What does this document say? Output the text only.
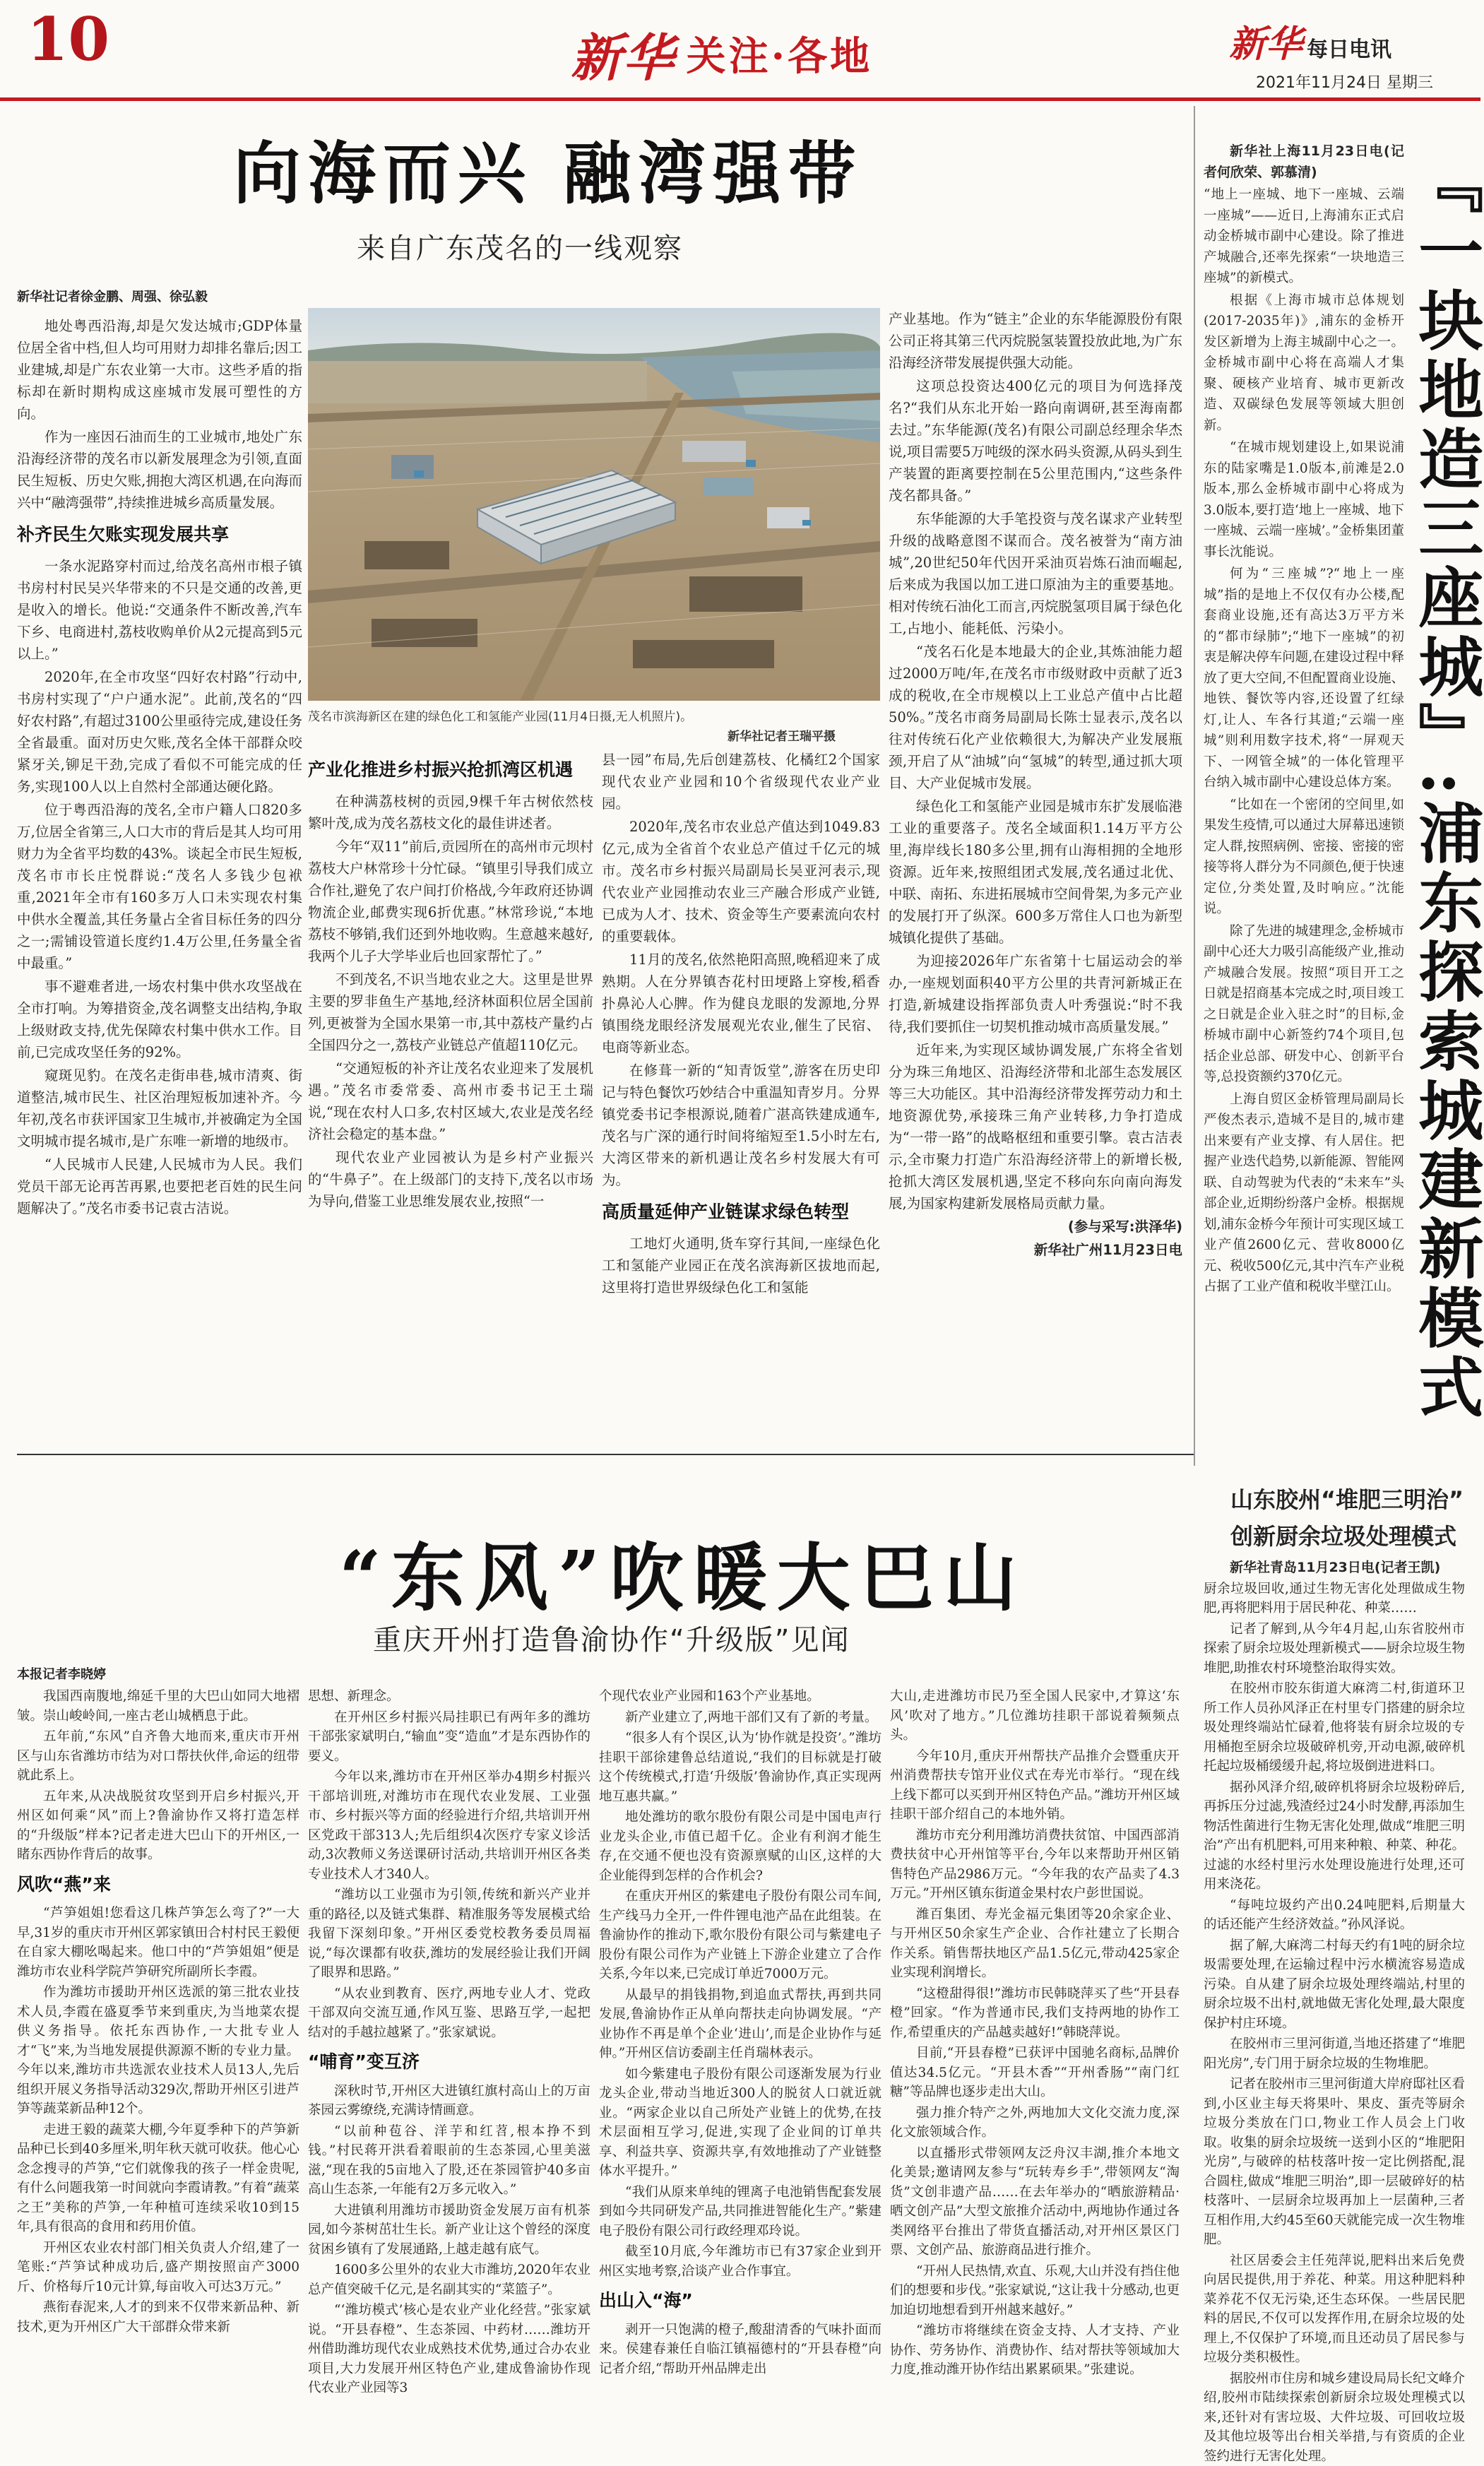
10	新华 关注·各地	新华 每日电讯
2021年11月24日 星期三
向海而兴 融湾强带
来自广东茂名的一线观察
新华社记者徐金鹏、周强、徐弘毅

地处粤西沿海,却是欠发达城市;GDP体量位居全省中档,但人均可用财力却排名靠后;因工业建城,却是广东农业第一大市。这些矛盾的指标却在新时期构成这座城市发展可塑性的方向。

作为一座因石油而生的工业城市,地处广东沿海经济带的茂名市以新发展理念为引领,直面民生短板、历史欠账,拥抱大湾区机遇,在向海而兴中“融湾强带”,持续推进城乡高质量发展。

补齐民生欠账实现发展共享

一条水泥路穿村而过,给茂名高州市根子镇书房村村民吴兴华带来的不只是交通的改善,更是收入的增长。他说:“交通条件不断改善,汽车下乡、电商进村,荔枝收购单价从2元提高到5元以上。”

2020年,在全市攻坚“四好农村路”行动中,书房村实现了“户户通水泥”。此前,茂名的“四好农村路”,有超过3100公里亟待完成,建设任务全省最重。面对历史欠账,茂名全体干部群众咬紧牙关,铆足干劲,完成了看似不可能完成的任务,实现100人以上自然村全部通达硬化路。

位于粤西沿海的茂名,全市户籍人口820多万,位居全省第三,人口大市的背后是其人均可用财力为全省平均数的43%。谈起全市民生短板,茂名市市长庄悦群说:“茂名人多钱少包袱重,2021年全市有160多万人口未实现农村集中供水全覆盖,其任务量占全省目标任务的四分之一;需铺设管道长度约1.4万公里,任务量全省中最重。”

事不避难者进,一场农村集中供水攻坚战在全市打响。为筹措资金,茂名调整支出结构,争取上级财政支持,优先保障农村集中供水工作。目前,已完成攻坚任务的92%。

窥斑见豹。在茂名走街串巷,城市清爽、街道整洁,城市民生、社区治理短板加速补齐。今年初,茂名市获评国家卫生城市,并被确定为全国文明城市提名城市,是广东唯一新增的地级市。

“人民城市人民建,人民城市为人民。我们党员干部无论再苦再累,也要把老百姓的民生问题解决了。”茂名市委书记袁古洁说。

茂名市滨海新区在建的绿色化工和氢能产业园(11月4日摄,无人机照片)。
新华社记者王瑞平摄

产业化推进乡村振兴抢抓湾区机遇

在种满荔枝树的贡园,9棵千年古树依然枝繁叶茂,成为茂名荔枝文化的最佳讲述者。

今年“双11”前后,贡园所在的高州市元坝村荔枝大户林常珍十分忙碌。“镇里引导我们成立合作社,避免了农户间打价格战,今年政府还协调物流企业,邮费实现6折优惠。”林常珍说,“本地荔枝不够销,我们还到外地收购。生意越来越好,我两个儿子大学毕业后也回家帮忙了。”

不到茂名,不识当地农业之大。这里是世界主要的罗非鱼生产基地,经济林面积位居全国前列,更被誉为全国水果第一市,其中荔枝产量约占全国四分之一,荔枝产业链总产值超110亿元。

“交通短板的补齐让茂名农业迎来了发展机遇。”茂名市委常委、高州市委书记王土瑞说,“现在农村人口多,农村区域大,农业是茂名经济社会稳定的基本盘。”

现代农业产业园被认为是乡村产业振兴的“牛鼻子”。在上级部门的支持下,茂名以市场为导向,借鉴工业思维发展农业,按照“一

县一园”布局,先后创建荔枝、化橘红2个国家现代农业产业园和10个省级现代农业产业园。

2020年,茂名市农业总产值达到1049.83亿元,成为全省首个农业总产值过千亿元的城市。茂名市乡村振兴局副局长吴亚河表示,现代农业产业园推动农业三产融合形成产业链,已成为人才、技术、资金等生产要素流向农村的重要载体。

11月的茂名,依然艳阳高照,晚稻迎来了成熟期。人在分界镇杏花村田埂路上穿梭,稻香扑鼻沁人心脾。作为健良龙眼的发源地,分界镇围绕龙眼经济发展观光农业,催生了民宿、电商等新业态。

在修葺一新的“知青饭堂”,游客在历史印记与特色餐饮巧妙结合中重温知青岁月。分界镇党委书记李根源说,随着广湛高铁建成通车,茂名与广深的通行时间将缩短至1.5小时左右,大湾区带来的新机遇让茂名乡村发展大有可为。

高质量延伸产业链谋求绿色转型

工地灯火通明,货车穿行其间,一座绿色化工和氢能产业园正在茂名滨海新区拔地而起,这里将打造世界级绿色化工和氢能

产业基地。作为“链主”企业的东华能源股份有限公司正将其第三代丙烷脱氢装置投放此地,为广东沿海经济带发展提供强大动能。

这项总投资达400亿元的项目为何选择茂名?“我们从东北开始一路向南调研,甚至海南都去过。”东华能源(茂名)有限公司副总经理余华杰说,项目需要5万吨级的深水码头资源,从码头到生产装置的距离要控制在5公里范围内,“这些条件茂名都具备。”

东华能源的大手笔投资与茂名谋求产业转型升级的战略意图不谋而合。茂名被誉为“南方油城”,20世纪50年代因开采油页岩炼石油而崛起,后来成为我国以加工进口原油为主的重要基地。相对传统石油化工而言,丙烷脱氢项目属于绿色化工,占地小、能耗低、污染小。

“茂名石化是本地最大的企业,其炼油能力超过2000万吨/年,在茂名市市级财政中贡献了近3成的税收,在全市规模以上工业总产值中占比超50%。”茂名市商务局副局长陈士显表示,茂名以往对传统石化产业依赖很大,为解决产业发展瓶颈,开启了从“油城”向“氢城”的转型,通过抓大项目、大产业促城市发展。

绿色化工和氢能产业园是城市东扩发展临港工业的重要落子。茂名全域面积1.14万平方公里,海岸线长180多公里,拥有山海相拥的全地形资源。近年来,按照组团式发展,茂名通过北优、中联、南拓、东进拓展城市空间骨架,为多元产业的发展打开了纵深。600多万常住人口也为新型城镇化提供了基础。

为迎接2026年广东省第十七届运动会的举办,一座规划面积40平方公里的共青河新城正在打造,新城建设指挥部负责人叶秀强说:“时不我待,我们要抓住一切契机推动城市高质量发展。”

近年来,为实现区域协调发展,广东将全省划分为珠三角地区、沿海经济带和北部生态发展区等三大功能区。其中沿海经济带发挥劳动力和土地资源优势,承接珠三角产业转移,力争打造成为“一带一路”的战略枢纽和重要引擎。袁古洁表示,全市聚力打造广东沿海经济带上的新增长极,抢抓大湾区发展机遇,坚定不移向东向南向海发展,为国家构建新发展格局贡献力量。

(参与采写:洪泽华)

新华社广州11月23日电

新华社上海11月23日电(记者何欣荣、郭慕清)

“地上一座城、地下一座城、云端一座城”——近日,上海浦东正式启动金桥城市副中心建设。除了推进产城融合,还率先探索“一块地造三座城”的新模式。

根据《上海市城市总体规划(2017-2035年)》,浦东的金桥开发区新增为上海主城副中心之一。金桥城市副中心将在高端人才集聚、硬核产业培育、城市更新改造、双碳绿色发展等领域大胆创新。

“在城市规划建设上,如果说浦东的陆家嘴是1.0版本,前滩是2.0版本,那么金桥城市副中心将成为3.0版本,要打造‘地上一座城、地下一座城、云端一座城’。”金桥集团董事长沈能说。

何为“三座城”?“地上一座城”指的是地上不仅仅有办公楼,配套商业设施,还有高达3万平方米的“都市绿肺”;“地下一座城”的初衷是解决停车问题,在建设过程中释放了更大空间,不但配置商业设施、地铁、餐饮等内容,还设置了红绿灯,让人、车各行其道;“云端一座城”则利用数字技术,将“一屏观天下、一网管全城”的一体化管理平台纳入城市副中心建设总体方案。

“比如在一个密闭的空间里,如果发生疫情,可以通过大屏幕迅速锁定人群,按照病例、密接、密接的密接等将人群分为不同颜色,便于快速定位,分类处置,及时响应。”沈能说。

除了先进的城建理念,金桥城市副中心还大力吸引高能级产业,推动产城融合发展。按照“项目开工之日就是招商基本完成之时,项目竣工之日就是企业入驻之时”的目标,金桥城市副中心新签约74个项目,包括企业总部、研发中心、创新平台等,总投资额约370亿元。

上海自贸区金桥管理局副局长严俊杰表示,造城不是目的,城市建出来要有产业支撑、有人居住。把握产业迭代趋势,以新能源、智能网联、自动驾驶为代表的“未来车”头部企业,近期纷纷落户金桥。根据规划,浦东金桥今年预计可实现区域工业产值2600亿元、营收8000亿元、税收500亿元,其中汽车产业税占据了工业产值和税收半壁江山。

『一块地造三座城』:浦东探索城建新模式
“东风”吹暖大巴山
重庆开州打造鲁渝协作“升级版”见闻
本报记者李晓婷

我国西南腹地,绵延千里的大巴山如同大地褶皱。崇山峻岭间,一座古老山城栖息于此。

五年前,“东风”自齐鲁大地而来,重庆市开州区与山东省潍坊市结为对口帮扶伙伴,命运的纽带就此系上。

五年来,从决战脱贫攻坚到开启乡村振兴,开州区如何乘“风”而上?鲁渝协作又将打造怎样的“升级版”样本?记者走进大巴山下的开州区,一睹东西协作背后的故事。

风吹“燕”来

“芦笋姐姐!您看这几株芦笋怎么弯了?”一大早,31岁的重庆市开州区郭家镇田合村村民王毅便在自家大棚吆喝起来。他口中的“芦笋姐姐”便是潍坊市农业科学院芦笋研究所副所长李霞。

作为潍坊市援助开州区选派的第三批农业技术人员,李霞在盛夏季节来到重庆,为当地菜农提供义务指导。依托东西协作,一大批专业人才“飞”来,为当地发展提供源源不断的专业力量。今年以来,潍坊市共选派农业技术人员13人,先后组织开展义务指导活动329次,帮助开州区引进芦笋等蔬菜新品种12个。

走进王毅的蔬菜大棚,今年夏季种下的芦笋新品种已长到40多厘米,明年秋天就可收获。他心心念念搜寻的芦笋,“它们就像我的孩子一样金贵呢,有什么问题我第一时间就向李霞请教。”有着“蔬菜之王”美称的芦笋,一年种植可连续采收10到15年,具有很高的食用和药用价值。

开州区农业农村部门相关负责人介绍,建了一笔账:“芦笋试种成功后,盛产期按照亩产3000斤、价格每斤10元计算,每亩收入可达3万元。”

燕衔春泥来,人才的到来不仅带来新品种、新技术,更为开州区广大干部群众带来新

思想、新理念。

在开州区乡村振兴局挂职已有两年多的潍坊干部张家斌明白,“输血”变“造血”才是东西协作的要义。

今年以来,潍坊市在开州区举办4期乡村振兴干部培训班,对潍坊市在现代农业发展、工业强市、乡村振兴等方面的经验进行介绍,共培训开州区党政干部313人;先后组织4次医疗专家义诊活动,3次教师义务送课研讨活动,共培训开州区各类专业技术人才340人。

“潍坊以工业强市为引领,传统和新兴产业并重的路径,以及链式集群、精准服务等发展模式给我留下深刻印象。”开州区委党校教务委员周福说,“每次课都有收获,潍坊的发展经验让我们开阔了眼界和思路。”

“从农业到教育、医疗,两地专业人才、党政干部双向交流互通,作风互鉴、思路互学,一起把结对的手越拉越紧了。”张家斌说。

“哺育”变互济

深秋时节,开州区大进镇红旗村高山上的万亩茶园云雾缭绕,充满诗情画意。

“以前种苞谷、洋芋和红苕,根本挣不到钱。”村民蒋开洪看着眼前的生态茶园,心里美滋滋,“现在我的5亩地入了股,还在茶园管护40多亩高山生态茶,一年能有2万多元收入。”

大进镇利用潍坊市援助资金发展万亩有机茶园,如今茶树茁壮生长。新产业让这个曾经的深度贫困乡镇有了发展通路,上越走越有底气。

1600多公里外的农业大市潍坊,2020年农业总产值突破千亿元,是名副其实的“菜篮子”。

“‘潍坊模式’核心是农业产业化经营。”张家斌说。“开县春橙”、生态茶园、中药材……潍坊开州借助潍坊现代农业成熟技术优势,通过合办农业项目,大力发展开州区特色产业,建成鲁渝协作现代农业产业园等3

个现代农业产业园和163个产业基地。

新产业建立了,两地干部们又有了新的考量。

“很多人有个误区,认为‘协作就是投资’。”潍坊挂职干部徐建鲁总结道说,“我们的目标就是打破这个传统模式,打造‘升级版’鲁渝协作,真正实现两地互惠共赢。”

地处潍坊的歌尔股份有限公司是中国电声行业龙头企业,市值已超千亿。企业有利润才能生存,在交通不便也没有资源禀赋的山区,这样的大企业能得到怎样的合作机会?

在重庆开州区的紫建电子股份有限公司车间,生产线马力全开,一件件锂电池产品在此组装。在鲁渝协作的推动下,歌尔股份有限公司与紫建电子股份有限公司作为产业链上下游企业建立了合作关系,今年以来,已完成订单近7000万元。

从最早的捐钱捐物,到追血式帮扶,再到共同发展,鲁渝协作正从单向帮扶走向协调发展。“产业协作不再是单个企业‘进山’,而是企业协作与延伸。”开州区信访委副主任肖瑞林表示。

如今紫建电子股份有限公司逐渐发展为行业龙头企业,带动当地近300人的脱贫人口就近就业。“两家企业以自己所处产业链上的优势,在技术层面相互学习,促进,实现了企业间的订单共享、利益共享、资源共享,有效地推动了产业链整体水平提升。”

“我们从原来单纯的锂离子电池销售配套发展到如今共同研发产品,共同推进智能化生产。”紫建电子股份有限公司行政经理邓玲说。

截至10月底,今年潍坊市已有37家企业到开州区实地考察,洽谈产业合作事宜。

出山入“海”

剥开一只饱满的橙子,酸甜清香的气味扑面而来。侯建春兼任自临江镇福德村的“开县春橙”向记者介绍,“帮助开州品牌走出

大山,走进潍坊市民乃至全国人民家中,才算这‘东风’吹对了地方。”几位潍坊挂职干部说着频频点头。

今年10月,重庆开州帮扶产品推介会暨重庆开州消费帮扶专馆开业仪式在寿光市举行。“现在线上线下都可以买到开州区特色产品。”潍坊开州区域挂职干部介绍自己的本地外销。

潍坊市充分利用潍坊消费扶贫馆、中国西部消费扶贫中心开州馆等平台,今年以来帮助开州区销售特色产品2986万元。“今年我的农产品卖了4.3万元。”开州区镇东街道金果村农户彭世国说。

潍百集团、寿光金福元集团等20余家企业、与开州区50余家生产企业、合作社建立了长期合作关系。销售帮扶地区产品1.5亿元,带动425家企业实现利润增长。

“这橙甜得很!”潍坊市民韩晓萍买了些“开县春橙”回家。“作为普通市民,我们支持两地的协作工作,希望重庆的产品越卖越好!”韩晓萍说。

目前,“开县春橙”已获评中国驰名商标,品牌价值达34.5亿元。“开县木香”“开州香肠”“南门红糖”等品牌也逐步走出大山。

强力推介特产之外,两地加大文化交流力度,深化文旅领域合作。

以直播形式带领网友泛舟汉丰湖,推介本地文化美景;邀请网友参与“玩转寿乡手”,带领网友“淘货”文创非遗产品……在去年举办的“晒旅游精品·晒文创产品”大型文旅推介活动中,两地协作通过各类网络平台推出了带货直播活动,对开州区景区门票、文创产品、旅游商品进行推介。

“开州人民热情,欢直、乐观,大山并没有挡住他们的想要和步伐。”张家斌说,“这让我十分感动,也更加迫切地想看到开州越来越好。”

“潍坊市将继续在资金支持、人才支持、产业协作、劳务协作、消费协作、结对帮扶等领域加大力度,推动潍开协作结出累累硕果。”张建说。

山东胶州“堆肥三明治”
创新厨余垃圾处理模式

新华社青岛11月23日电(记者王凯)

厨余垃圾回收,通过生物无害化处理做成生物肥,再将肥料用于居民种花、种菜……

记者了解到,从今年4月起,山东省胶州市探索了厨余垃圾处理新模式——厨余垃圾生物堆肥,助推农村环境整治取得实效。

在胶州市胶东街道大麻湾二村,街道环卫所工作人员孙风泽正在村里专门搭建的厨余垃圾处理终端站忙碌着,他将装有厨余垃圾的专用桶抱至厨余垃圾破碎机旁,开动电源,破碎机托起垃圾桶缓缓升起,将垃圾倒进进料口。

据孙风泽介绍,破碎机将厨余垃圾粉碎后,再拆压分过滤,残渣经过24小时发酵,再添加生物活性菌进行生物无害化处理,做成“堆肥三明治”产出有机肥料,可用来种粮、种菜、种花。过滤的水经村里污水处理设施进行处理,还可用来浇花。

“每吨垃圾约产出0.24吨肥料,后期量大的话还能产生经济效益。”孙风泽说。

据了解,大麻湾二村每天约有1吨的厨余垃圾需要处理,在运输过程中污水横流容易造成污染。自从建了厨余垃圾处理终端站,村里的厨余垃圾不出村,就地做无害化处理,最大限度保护村庄环境。

在胶州市三里河街道,当地还搭建了“堆肥阳光房”,专门用于厨余垃圾的生物堆肥。

记者在胶州市三里河街道大岸府邸社区看到,小区业主每天将果叶、果皮、蛋壳等厨余垃圾分类放在门口,物业工作人员会上门收取。收集的厨余垃圾统一送到小区的“堆肥阳光房”,与破碎的枯枝落叶按一定比例搭配,混合圆柱,做成“堆肥三明治”,即一层破碎好的枯枝落叶、一层厨余垃圾再加上一层菌种,三者互相作用,大约45至60天就能完成一次生物堆肥。

社区居委会主任苑萍说,肥料出来后免费向居民提供,用于养花、种菜。用这种肥料种菜养花不仅无污染,还生态环保。一些居民肥料的居民,不仅可以发挥作用,在厨余垃圾的处理上,不仅保护了环境,而且还动员了居民参与垃圾分类积极性。

据胶州市住房和城乡建设局局长纪文峰介绍,胶州市陆续探索创新厨余垃圾处理模式以来,还针对有害垃圾、大件垃圾、可回收垃圾及其他垃圾等出台相关举措,与有资质的企业签约进行无害化处理。
